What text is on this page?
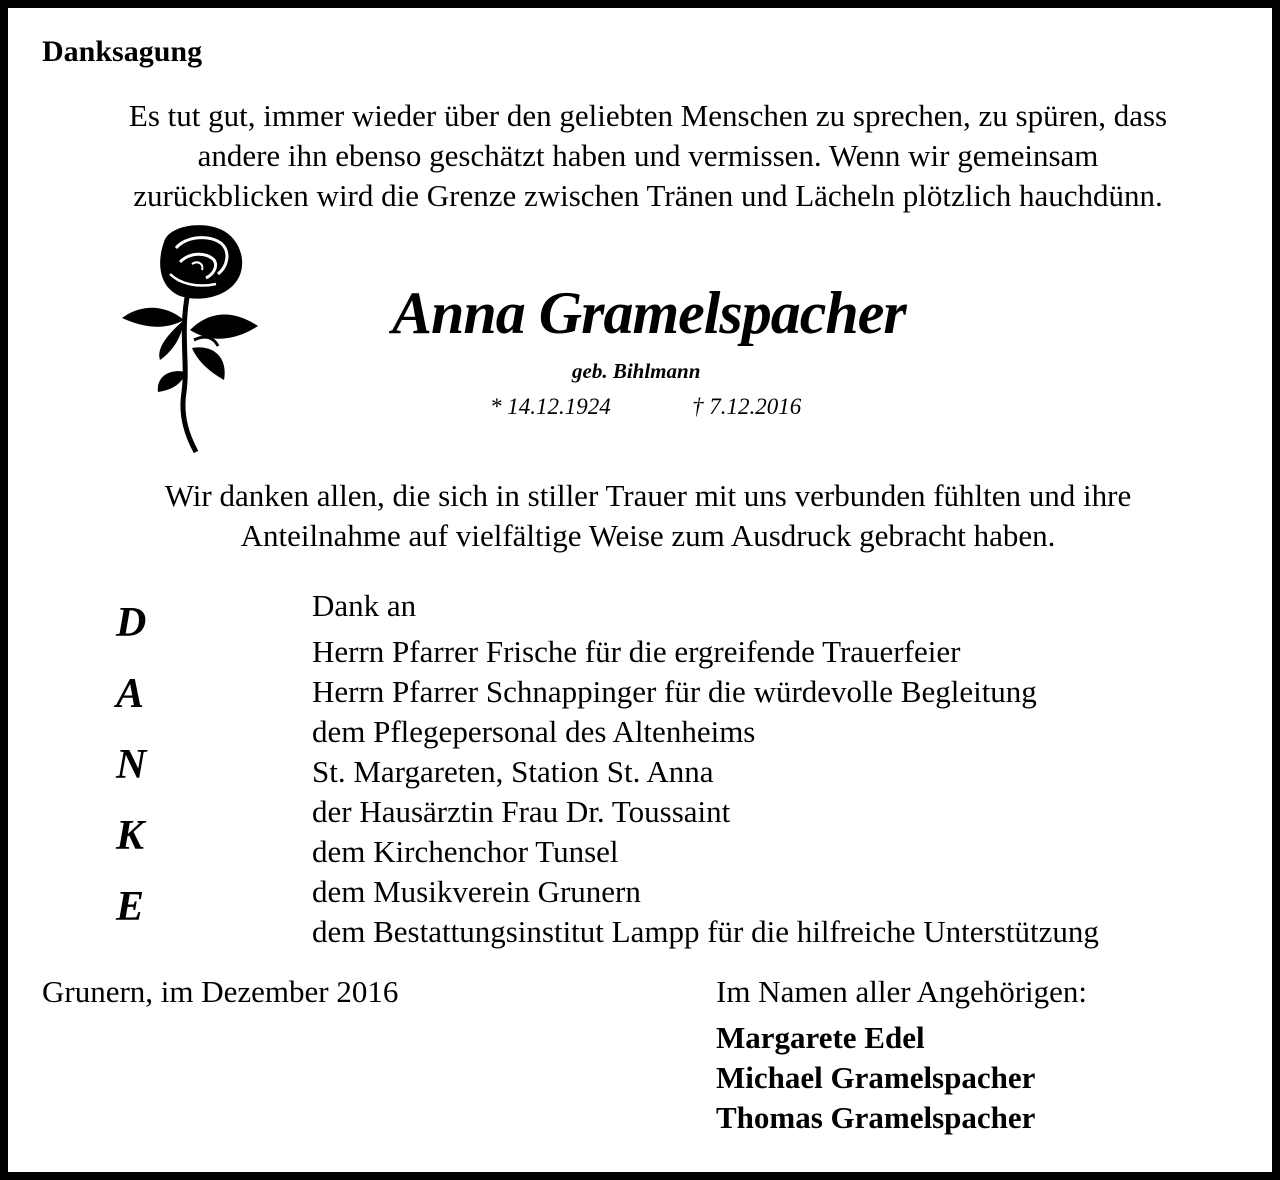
Danksagung
Es tut gut, immer wieder über den geliebten Menschen zu sprechen, zu spüren, dass
andere ihn ebenso geschätzt haben und vermissen. Wenn wir gemeinsam
zurückblicken wird die Grenze zwischen Tränen und Lächeln plötzlich hauchdünn.
Anna Gramelspacher
geb. Bihlmann
* 14.12.1924	† 7.12.2016
Wir danken allen, die sich in stiller Trauer mit uns verbunden fühlten und ihre
Anteilnahme auf vielfältige Weise zum Ausdruck gebracht haben.
D
A
N
K
E
Dank an
Herrn Pfarrer Frische für die ergreifende Trauerfeier
Herrn Pfarrer Schnappinger für die würdevolle Begleitung
dem Pflegepersonal des Altenheims
St. Margareten, Station St. Anna
der Hausärztin Frau Dr. Toussaint
dem Kirchenchor Tunsel
dem Musikverein Grunern
dem Bestattungsinstitut Lampp für die hilfreiche Unterstützung
Grunern, im Dezember 2016	Im Namen aller Angehörigen:
Margarete Edel
Michael Gramelspacher
Thomas Gramelspacher
